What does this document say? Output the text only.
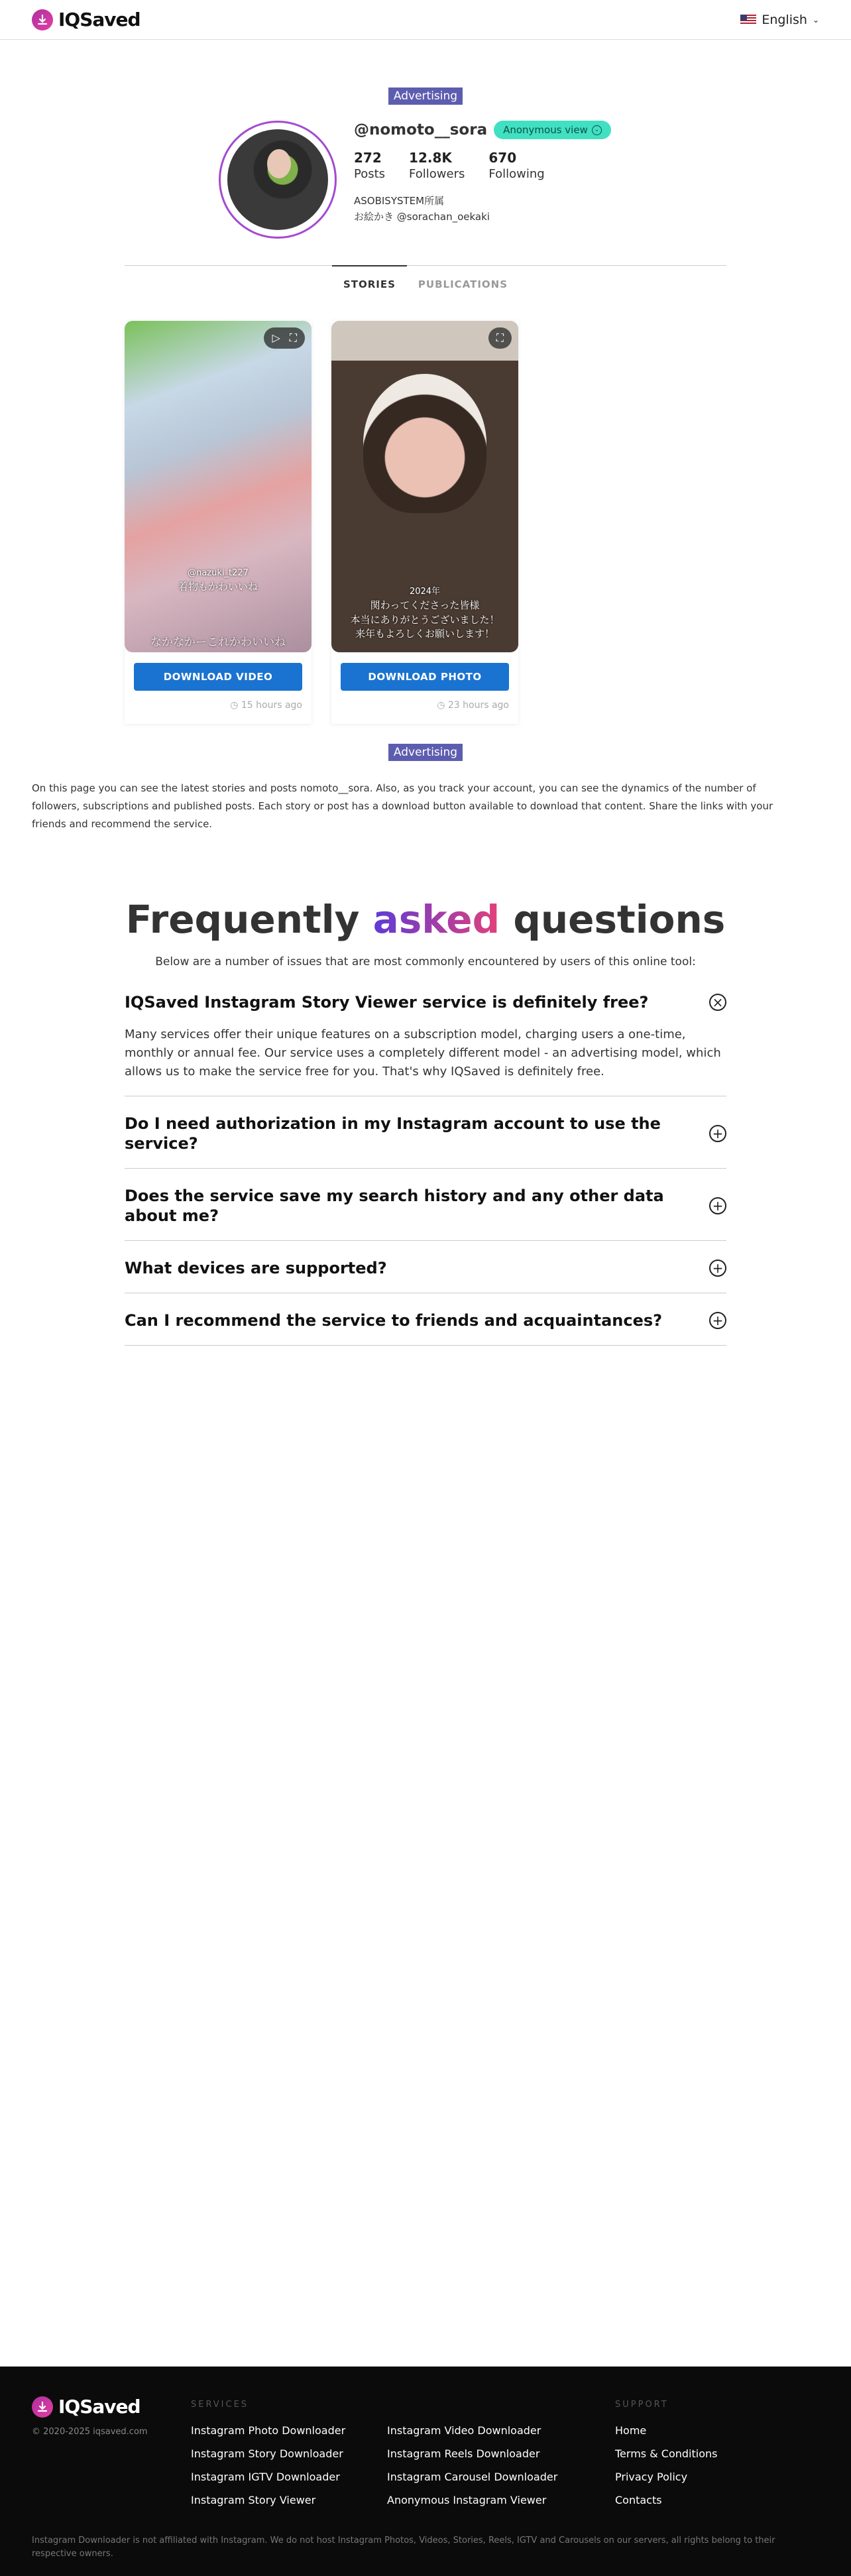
IQSaved	English ⌄
Advertising
@nomoto__sora Anonymous view	⌄
272
Posts
12.8K
Followers
670
Following
ASOBISYSTEM所属
お絵かき @sorachan_oekaki
STORIES	PUBLICATIONS
▷ ⛶
@nazuki_t227
着物もかわいいね
なかなかーこれかわいいね
DOWNLOAD VIDEO
◷ 15 hours ago
⛶
2024年
関わってくださった皆様
本当にありがとうございました！
来年もよろしくお願いします！
DOWNLOAD PHOTO
◷ 23 hours ago
Advertising

On this page you can see the latest stories and posts nomoto__sora. Also, as you track your account, you can see the dynamics of the number of followers, subscriptions and published posts. Each story or post has a download button available to download that content. Share the links with your friends and recommend the service.

Frequently asked questions

Below are a number of issues that are most commonly encountered by users of this online tool:

IQSaved Instagram Story Viewer service is definitely free?	×

Many services offer their unique features on a subscription model, charging users a one-time, monthly or annual fee. Our service uses a completely different model - an advertising model, which allows us to make the service free for you. That's why IQSaved is definitely free.

Do I need authorization in my Instagram account to use the service?
+
Does the service save my search history and any other data about me?
+
What devices are supported?	+
Can I recommend the service to friends and acquaintances?	+
IQSaved
© 2020-2025 iqsaved.com
SERVICES
Instagram Photo Downloader	Instagram Video Downloader
Instagram Story Downloader	Instagram Reels Downloader
Instagram IGTV Downloader	Instagram Carousel Downloader
Instagram Story Viewer	Anonymous Instagram Viewer
SUPPORT
Home
Terms & Conditions
Privacy Policy
Contacts

Instagram Downloader is not affiliated with Instagram. We do not host Instagram Photos, Videos, Stories, Reels, IGTV and Carousels on our servers, all rights belong to their respective owners.
